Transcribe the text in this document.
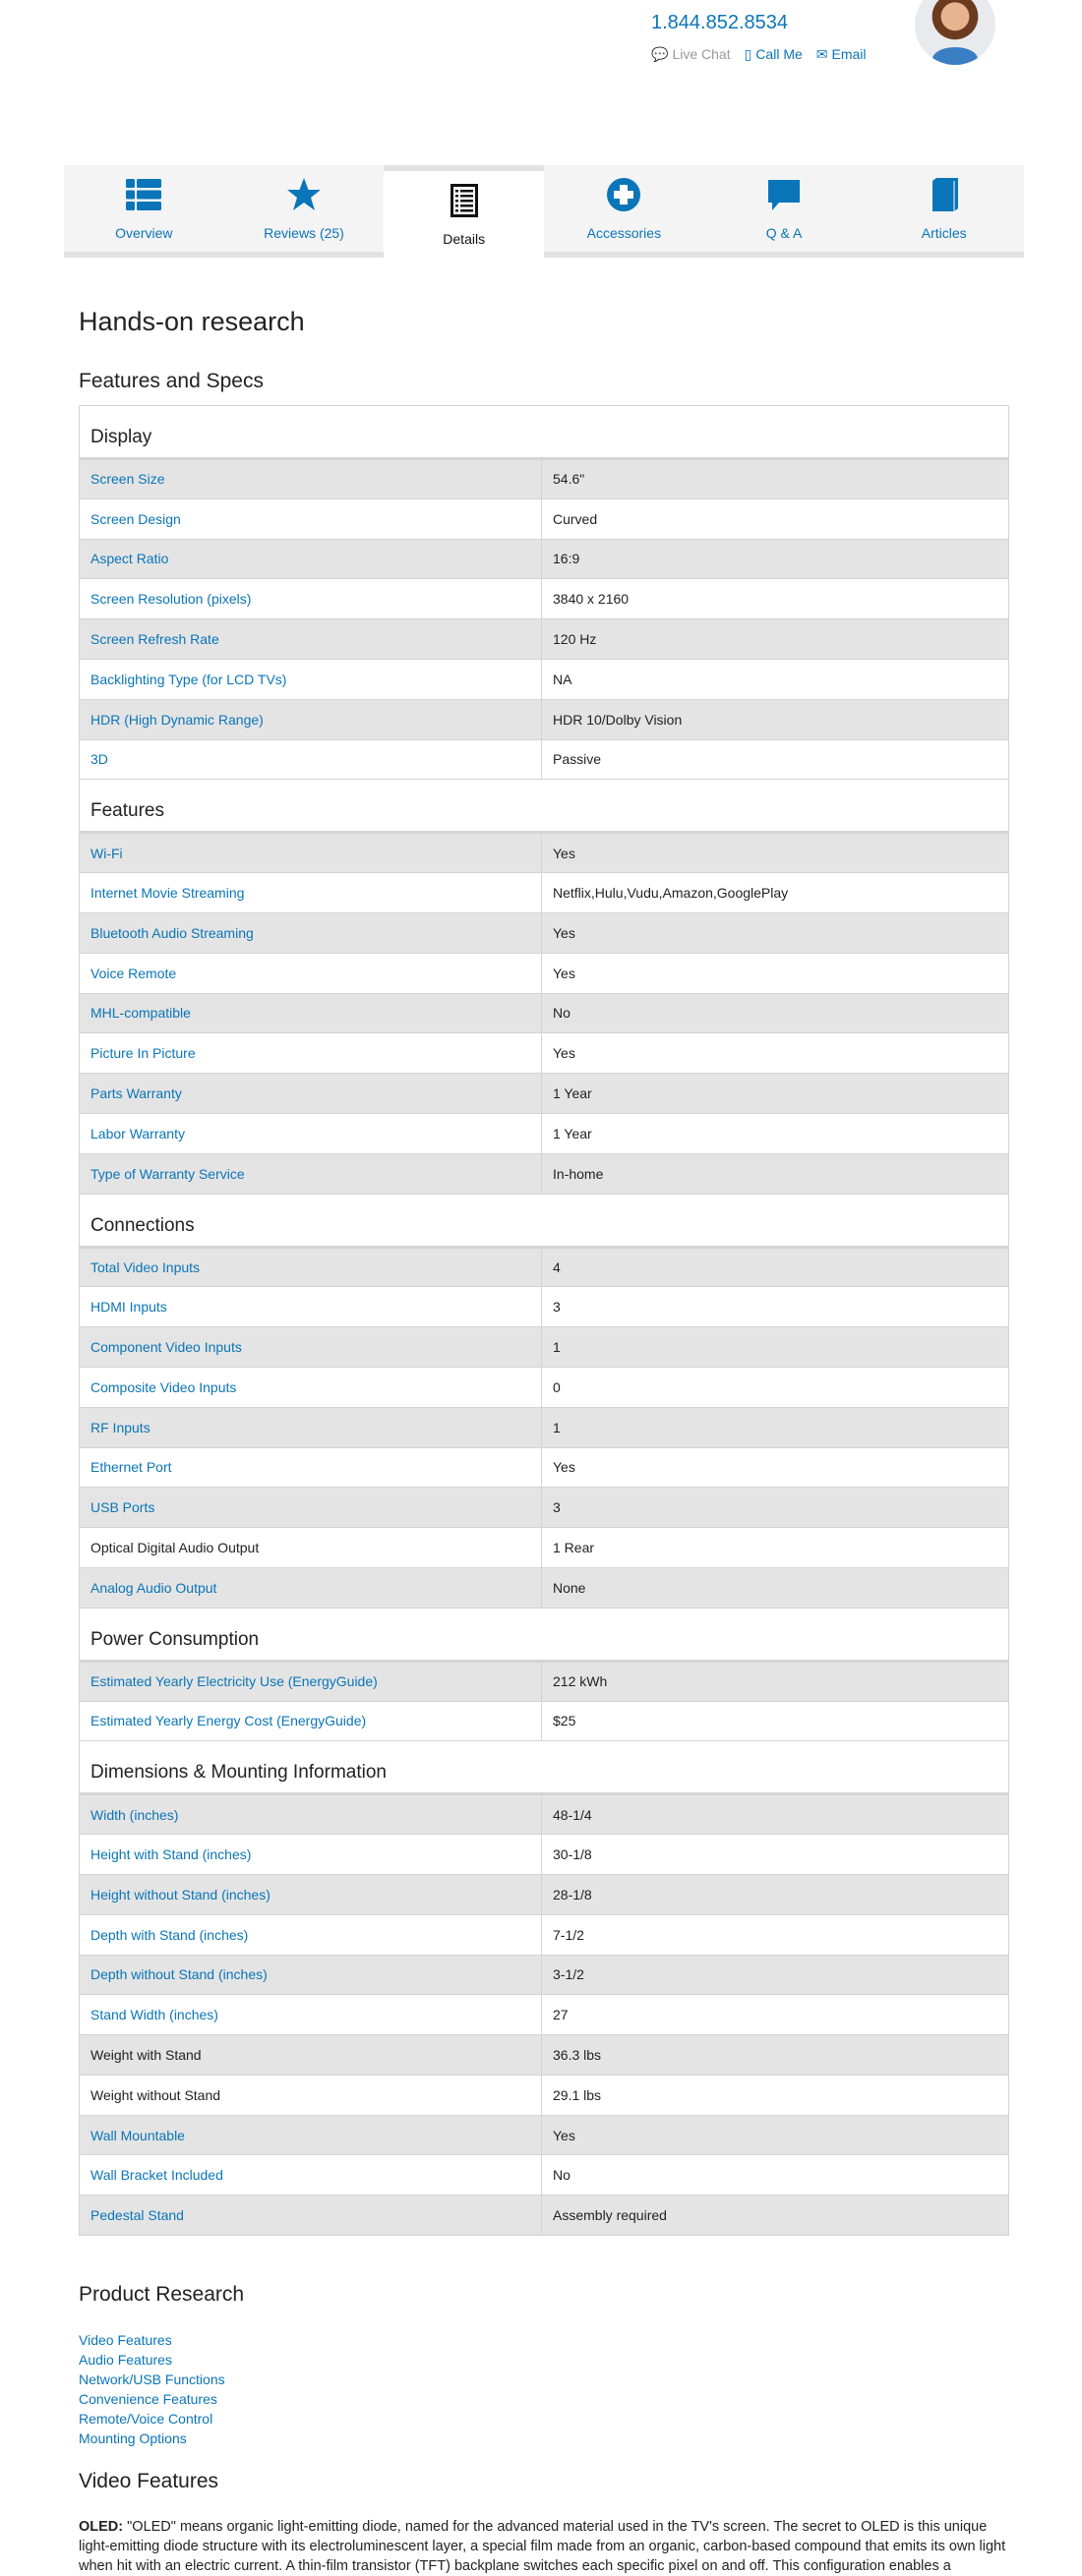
1.844.852.8534
💬 Live Chat ▯ Call Me ✉ Email
Overview	Reviews (25)	Details	Accessories	Q & A	Articles
Hands-on research
Features and Specs
Display	
Screen Size	54.6"
Screen Design	Curved
Aspect Ratio	16:9
Screen Resolution (pixels)	3840 x 2160
Screen Refresh Rate	120 Hz
Backlighting Type (for LCD TVs)	NA
HDR (High Dynamic Range)	HDR 10/Dolby Vision
3D	Passive
Features	
Wi-Fi	Yes
Internet Movie Streaming	Netflix,Hulu,Vudu,Amazon,GooglePlay
Bluetooth Audio Streaming	Yes
Voice Remote	Yes
MHL-compatible	No
Picture In Picture	Yes
Parts Warranty	1 Year
Labor Warranty	1 Year
Type of Warranty Service	In-home
Connections	
Total Video Inputs	4
HDMI Inputs	3
Component Video Inputs	1
Composite Video Inputs	0
RF Inputs	1
Ethernet Port	Yes
USB Ports	3
Optical Digital Audio Output	1 Rear
Analog Audio Output	None
Power Consumption	
Estimated Yearly Electricity Use (EnergyGuide)	212 kWh
Estimated Yearly Energy Cost (EnergyGuide)	$25
Dimensions & Mounting Information	
Width (inches)	48-1/4
Height with Stand (inches)	30-1/8
Height without Stand (inches)	28-1/8
Depth with Stand (inches)	7-1/2
Depth without Stand (inches)	3-1/2
Stand Width (inches)	27
Weight with Stand	36.3 lbs
Weight without Stand	29.1 lbs
Wall Mountable	Yes
Wall Bracket Included	No
Pedestal Stand	Assembly required
Product Research
Video Features
Audio Features
Network/USB Functions
Convenience Features
Remote/Voice Control
Mounting Options
Video Features

OLED: "OLED" means organic light-emitting diode, named for the advanced material used in the TV's screen. The secret to OLED is this unique light-emitting diode structure with its electroluminescent layer, a special film made from an organic, carbon-based compound that emits its own light when hit with an electric current. A thin-film transistor (TFT) backplane switches each specific pixel on and off. This configuration enables a
